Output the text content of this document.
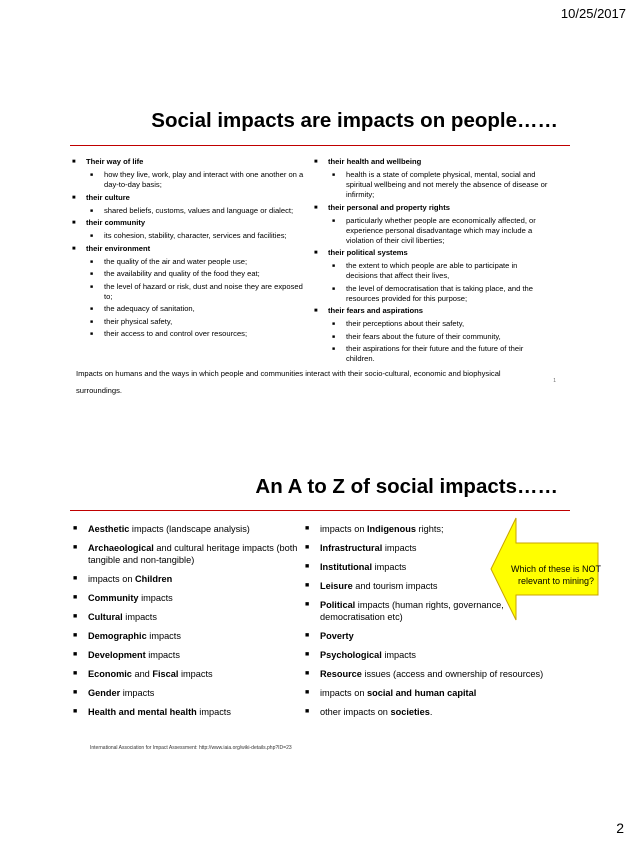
10/25/2017
Social impacts are impacts on people……
■ Their way of life
■ how they live, work, play and interact with one another on a day-to-day basis;
■ their culture
■ shared beliefs, customs, values and language or dialect;
■ their community
■ its cohesion, stability, character, services and facilities;
■ their environment
■ the quality of the air and water people use;
■ the availability and quality of the food they eat;
■ the level of hazard or risk, dust and noise they are exposed to;
■ the adequacy of sanitation,
■ their physical safety,
■ their access to and control over resources;
■ their health and wellbeing
■ health is a state of complete physical, mental, social and spiritual wellbeing and not merely the absence of disease or infirmity;
■ their personal and property rights
■ particularly whether people are economically affected, or experience personal disadvantage which may include a violation of their civil liberties;
■ their political systems
■ the extent to which people are able to participate in decisions that affect their lives,
■ the level of democratisation that is taking place, and the resources provided for this purpose;
■ their fears and aspirations
■ their perceptions about their safety,
■ their fears about the future of their community,
■ their aspirations for their future and the future of their children.
Impacts on humans and the ways in which people and communities interact with their socio-cultural, economic and biophysical surroundings.
1
An A to Z of social impacts……
■ Aesthetic impacts (landscape analysis)
■ Archaeological and cultural heritage impacts (both tangible and non-tangible)
■ impacts on Children
■ Community impacts
■ Cultural impacts
■ Demographic impacts
■ Development impacts
■ Economic and Fiscal impacts
■ Gender impacts
■ Health and mental health impacts
■ impacts on Indigenous rights;
■ Infrastructural impacts
■ Institutional impacts
■ Leisure and tourism impacts
■ Political impacts (human rights, governance, democratisation etc)
■ Poverty
■ Psychological impacts
■ Resource issues (access and ownership of resources)
■ impacts on social and human capital
■ other impacts on societies.
Which of these is NOT relevant to mining?
International Association for Impact Assessment: http://www.iaia.org/wiki-details.php?ID=23
2
